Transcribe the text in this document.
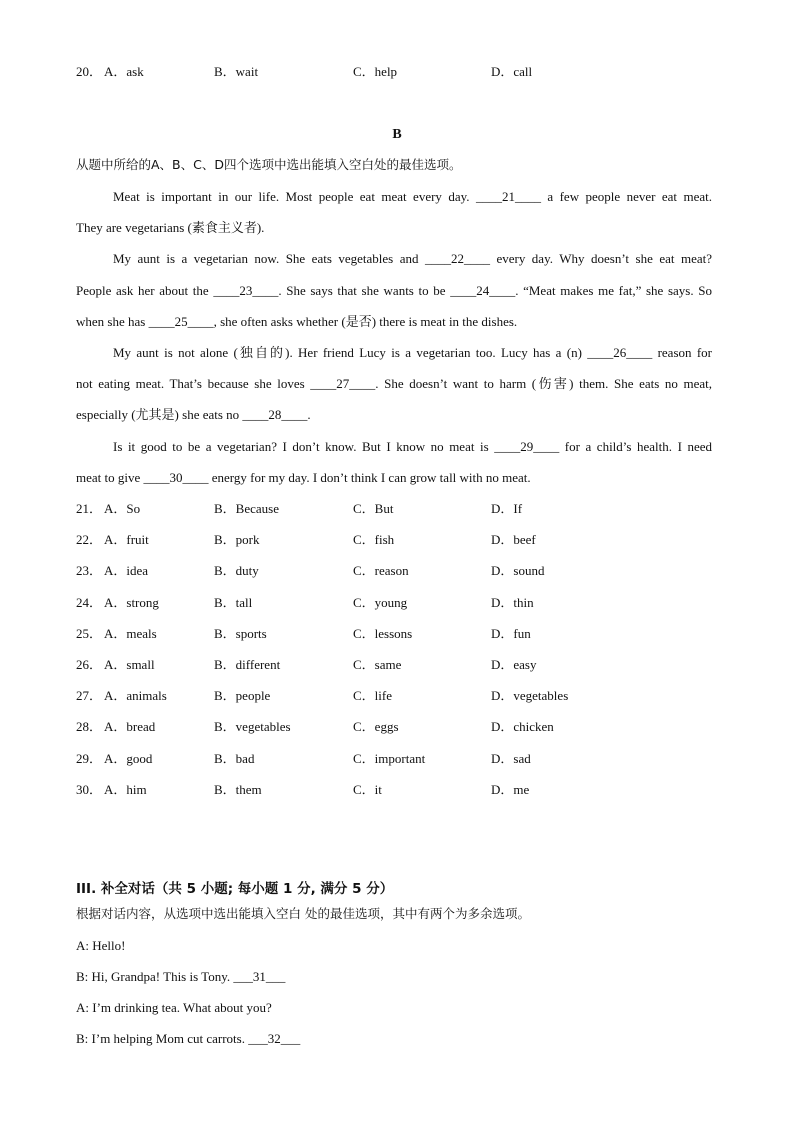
20． A．ask	B．wait	C．help	D．call
B
从题中所给的A、B、C、D四个选项中选出能填入空白处的最佳选项。
Meat is important in our life. Most people eat meat every day. ____21____ a few people never eat meat.
They are vegetarians (素食主义者).
My aunt is a vegetarian now. She eats vegetables and ____22____ every day. Why doesn’t she eat meat?
People ask her about the ____23____. She says that she wants to be ____24____. “Meat makes me fat,” she says. So
when she has ____25____, she often asks whether (是否) there is meat in the dishes.
My aunt is not alone (独自的). Her friend Lucy is a vegetarian too. Lucy has a (n) ____26____ reason for
not eating meat. That’s because she loves ____27____. She doesn’t want to harm (伤害) them. She eats no meat,
especially (尤其是) she eats no ____28____.
Is it good to be a vegetarian? I don’t know. But I know no meat is ____29____ for a child’s health. I need
meat to give ____30____ energy for my day. I don’t think I can grow tall with no meat.
21． A．So	B．Because	C．But	D．If
22． A．fruit	B．pork	C．fish	D．beef
23． A．idea	B．duty	C．reason	D．sound
24． A．strong	B．tall	C．young	D．thin
25． A．meals	B．sports	C．lessons	D．fun
26． A．small	B．different	C．same	D．easy
27． A．animals	B．people	C．life	D．vegetables
28． A．bread	B．vegetables	C．eggs	D．chicken
29． A．good	B．bad	C．important	D．sad
30． A．him	B．them	C．it	D．me
III. 补全对话（共 5 小题; 每小题 1 分, 满分 5 分）
根据对话内容，从选项中选出能填入空白 处的最佳选项，其中有两个为多余选项。
A: Hello!
B: Hi, Grandpa! This is Tony. ___31___
A: I’m drinking tea. What about you?
B: I’m helping Mom cut carrots. ___32___
